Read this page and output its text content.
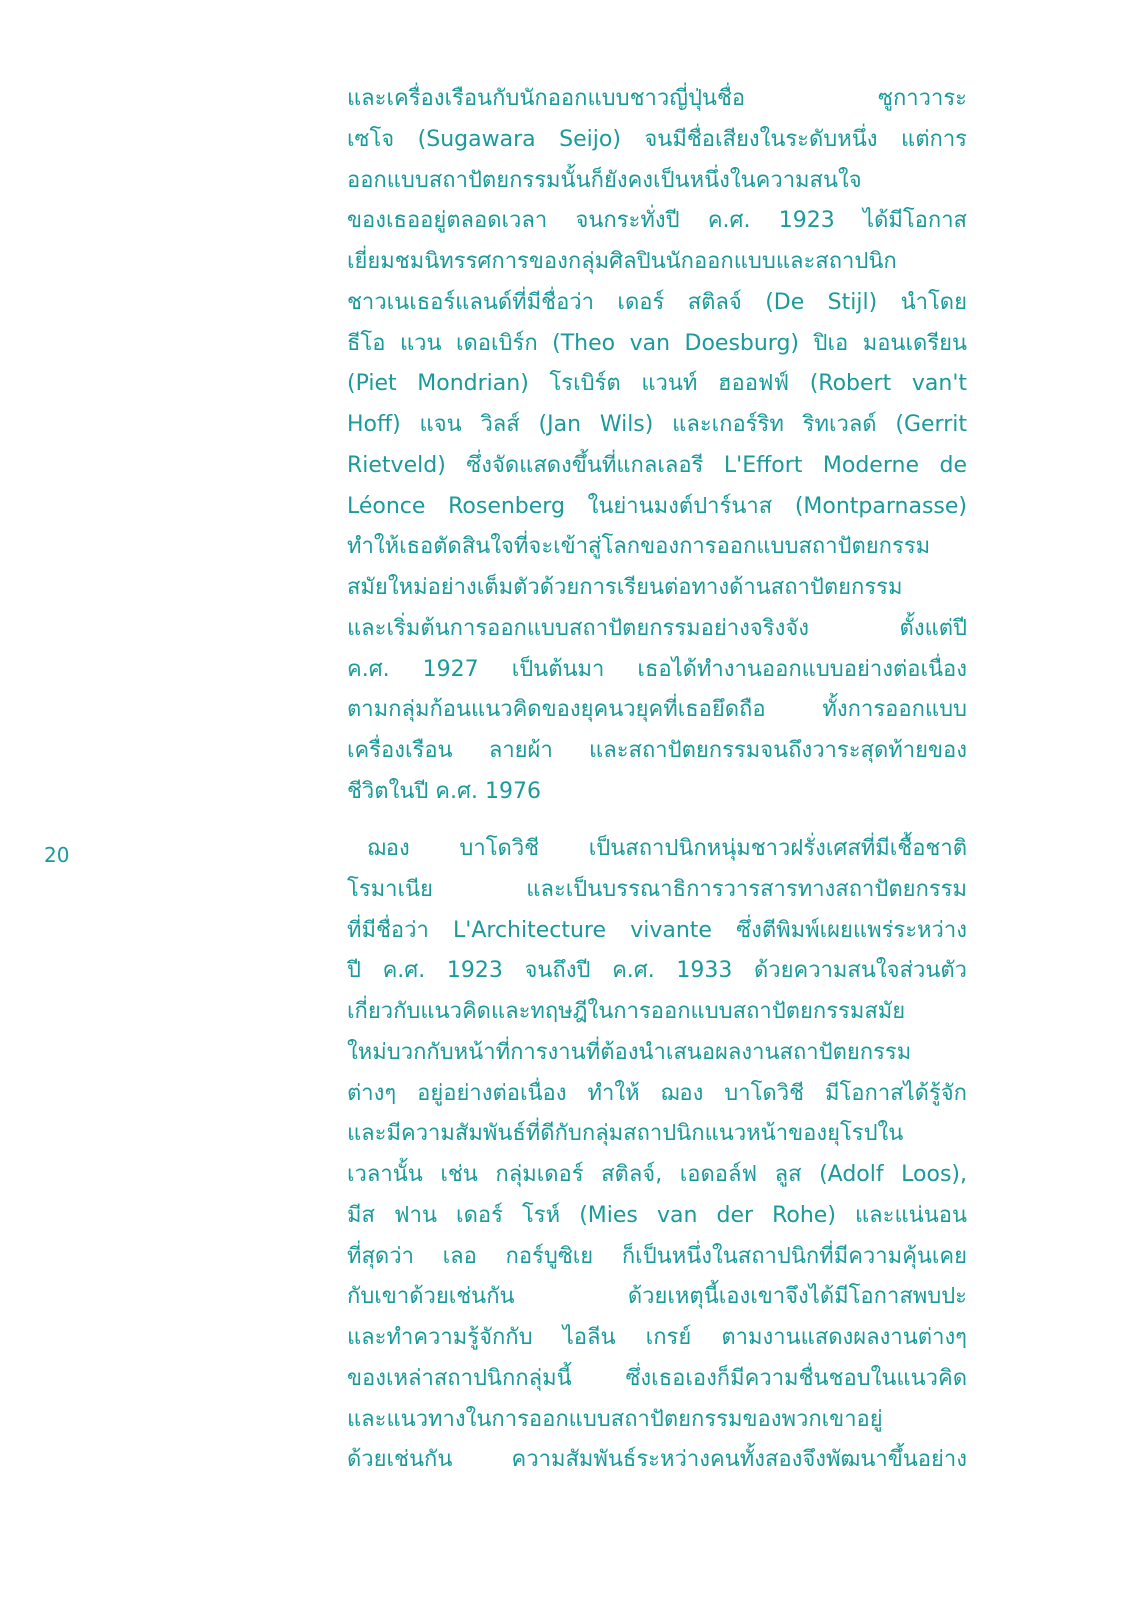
20
และเครื่องเรือนกับนักออกแบบชาวญี่ปุ่นชื่อ ซูกาวาระ
เซโจ (Sugawara Seijo) จนมีชื่อเสียงในระดับหนึ่ง แต่การ
ออกแบบสถาปัตยกรรมนั้นก็ยังคงเป็นหนึ่งในความสนใจ
ของเธออยู่ตลอดเวลา จนกระทั่งปี ค.ศ. 1923 ได้มีโอกาส
เยี่ยมชมนิทรรศการของกลุ่มศิลปินนักออกแบบและสถาปนิก
ชาวเนเธอร์แลนด์ที่มีชื่อว่า เดอร์ สติลจ์ (De Stijl) นำโดย
ธีโอ แวน เดอเบิร์ก (Theo van Doesburg) ปิเอ มอนเดรียน
(Piet Mondrian) โรเบิร์ต แวนท์ ฮออฟฟ์ (Robert van't
Hoff) แจน วิลส์ (Jan Wils) และเกอร์ริท ริทเวลด์ (Gerrit
Rietveld) ซึ่งจัดแสดงขึ้นที่แกลเลอรี L'Effort Moderne de
Léonce Rosenberg ในย่านมงต์ปาร์นาส (Montparnasse)
ทำให้เธอตัดสินใจที่จะเข้าสู่โลกของการออกแบบสถาปัตยกรรม
สมัยใหม่อย่างเต็มตัวด้วยการเรียนต่อทางด้านสถาปัตยกรรม
และเริ่มต้นการออกแบบสถาปัตยกรรมอย่างจริงจัง ตั้งแต่ปี
ค.ศ. 1927 เป็นต้นมา เธอได้ทำงานออกแบบอย่างต่อเนื่อง
ตามกลุ่มก้อนแนวคิดของยุคนวยุคที่เธอยึดถือ ทั้งการออกแบบ
เครื่องเรือน ลายผ้า และสถาปัตยกรรมจนถึงวาระสุดท้ายของ
ชีวิตในปี ค.ศ. 1976
ฌอง บาโดวิชี เป็นสถาปนิกหนุ่มชาวฝรั่งเศสที่มีเชื้อชาติ
โรมาเนีย และเป็นบรรณาธิการวารสารทางสถาปัตยกรรม
ที่มีชื่อว่า L'Architecture vivante ซึ่งตีพิมพ์เผยแพร่ระหว่าง
ปี ค.ศ. 1923 จนถึงปี ค.ศ. 1933 ด้วยความสนใจส่วนตัว
เกี่ยวกับแนวคิดและทฤษฎีในการออกแบบสถาปัตยกรรมสมัย
ใหม่บวกกับหน้าที่การงานที่ต้องนำเสนอผลงานสถาปัตยกรรม
ต่างๆ อยู่อย่างต่อเนื่อง ทำให้ ฌอง บาโดวิชี มีโอกาสได้รู้จัก
และมีความสัมพันธ์ที่ดีกับกลุ่มสถาปนิกแนวหน้าของยุโรปใน
เวลานั้น เช่น กลุ่มเดอร์ สติลจ์, เอดอล์ฟ ลูส (Adolf Loos),
มีส ฟาน เดอร์ โรห์ (Mies van der Rohe) และแน่นอน
ที่สุดว่า เลอ กอร์บูซิเย ก็เป็นหนึ่งในสถาปนิกที่มีความคุ้นเคย
กับเขาด้วยเช่นกัน ด้วยเหตุนี้เองเขาจึงได้มีโอกาสพบปะ
และทำความรู้จักกับ ไอลีน เกรย์ ตามงานแสดงผลงานต่างๆ
ของเหล่าสถาปนิกกลุ่มนี้ ซึ่งเธอเองก็มีความชื่นชอบในแนวคิด
และแนวทางในการออกแบบสถาปัตยกรรมของพวกเขาอยู่
ด้วยเช่นกัน ความสัมพันธ์ระหว่างคนทั้งสองจึงพัฒนาขึ้นอย่าง
